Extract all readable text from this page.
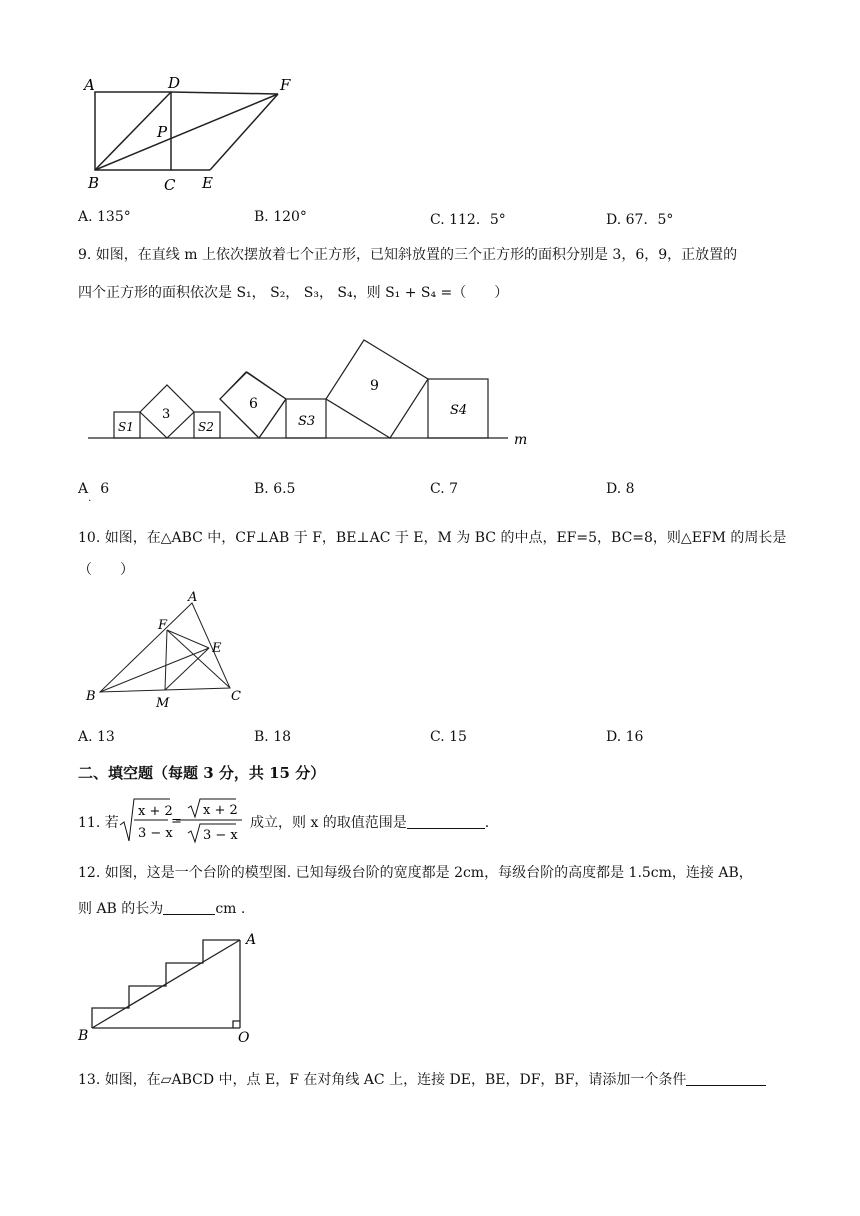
A	D	F
P
B	C E
A. 135°	B. 120°	C. 112．5°	D. 67．5°
9. 如图，在直线 m 上依次摆放着七个正方形，已知斜放置的三个正方形的面积分别是 3，6，9，正放置的
四个正方形的面积依次是 S₁， S₂， S₃， S₄，则 S₁ + S₄ =（　　）
S1	S2	S3
S4
3
6
9
m
$A_.$  6	B. 6.5	C. 7	D. 8
10. 如图，在△ABC 中，CF⊥AB 于 F，BE⊥AC 于 E，M 为 BC 的中点，EF=5，BC=8，则△EFM 的周长是
（　　）
A
F
E
B	M	C
A. 13	B. 18	C. 15	D. 16
二、填空题（每题 3 分，共 15 分）
11. 若
x + 2
3 − x
=
x + 2
3 − x
成立，则 x 的取值范围是	.
12. 如图，这是一个台阶的模型图. 已知每级台阶的宽度都是 2cm，每级台阶的高度都是 1.5cm，连接 AB，
则 AB 的长为	cm .
A
B	O
13. 如图，在▱ABCD 中，点 E，F 在对角线 AC 上，连接 DE，BE，DF，BF，请添加一个条件
